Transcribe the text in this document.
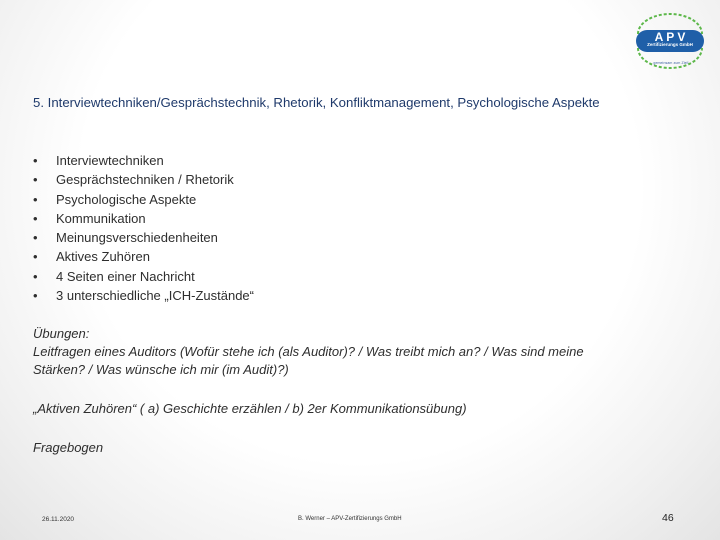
A P V
Zertifizierungs GmbH
gemeinsam zum Ziel!
5. Interviewtechniken/Gesprächstechnik, Rhetorik, Konfliktmanagement, Psychologische Aspekte
•	Interviewtechniken
•	Gesprächstechniken / Rhetorik
•	Psychologische Aspekte
•	Kommunikation
•	Meinungsverschiedenheiten
•	Aktives Zuhören
•	4 Seiten einer Nachricht
•	3 unterschiedliche „ICH-Zustände“
Übungen:
Leitfragen eines Auditors (Wofür stehe ich (als Auditor)? / Was treibt mich an? / Was sind meine Stärken? / Was wünsche ich mir (im Audit)?)
„Aktiven Zuhören“ ( a) Geschichte erzählen / b) 2er Kommunikationsübung)
Fragebogen
26.11.2020	B. Werner – APV-Zertifizierungs GmbH	46
